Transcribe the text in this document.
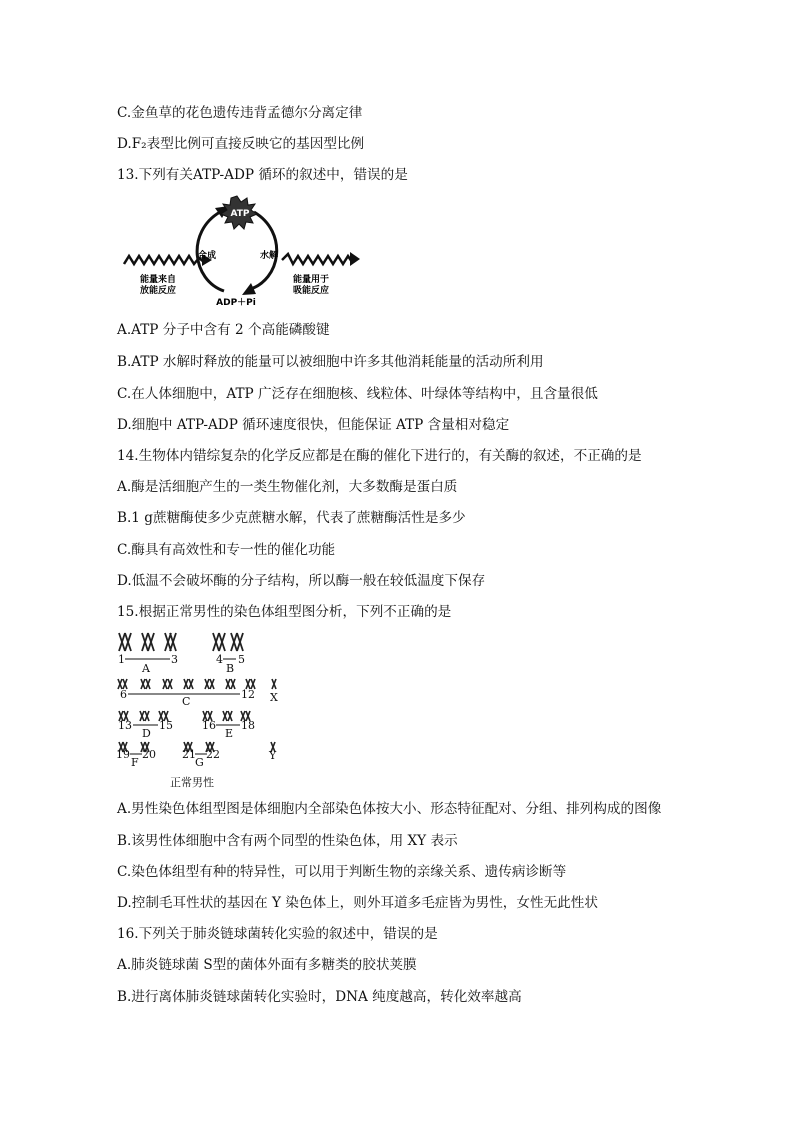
C.金鱼草的花色遗传违背孟德尔分离定律
D.F₂表型比例可直接反映它的基因型比例
13.下列有关ATP-ADP 循环的叙述中，错误的是
ATP
合成	水解
能量来自
放能反应
能量用于
吸能反应
ADP＋Pi
A.ATP 分子中含有 2 个高能磷酸键
B.ATP 水解时释放的能量可以被细胞中许多其他消耗能量的活动所利用
C.在人体细胞中，ATP 广泛存在细胞核、线粒体、叶绿体等结构中，且含量很低
D.细胞中 ATP-ADP 循环速度很快，但能保证 ATP 含量相对稳定
14.生物体内错综复杂的化学反应都是在酶的催化下进行的，有关酶的叙述，不正确的是
A.酶是活细胞产生的一类生物催化剂，大多数酶是蛋白质
B.1 g蔗糖酶使多少克蔗糖水解，代表了蔗糖酶活性是多少
C.酶具有高效性和专一性的催化功能
D.低温不会破坏酶的分子结构，所以酶一般在较低温度下保存
15.根据正常男性的染色体组型图分析，下列不正确的是
1	3
A
4 5
B
6	12
C	X
13 15
D
16 18
E
19 20
F
21 22
G
Y
正常男性
A.男性染色体组型图是体细胞内全部染色体按大小、形态特征配对、分组、排列构成的图像
B.该男性体细胞中含有两个同型的性染色体，用 XY 表示
C.染色体组型有种的特异性，可以用于判断生物的亲缘关系、遗传病诊断等
D.控制毛耳性状的基因在 Y 染色体上，则外耳道多毛症皆为男性，女性无此性状
16.下列关于肺炎链球菌转化实验的叙述中，错误的是
A.肺炎链球菌 S型的菌体外面有多糖类的胶状荚膜
B.进行离体肺炎链球菌转化实验时，DNA 纯度越高，转化效率越高
